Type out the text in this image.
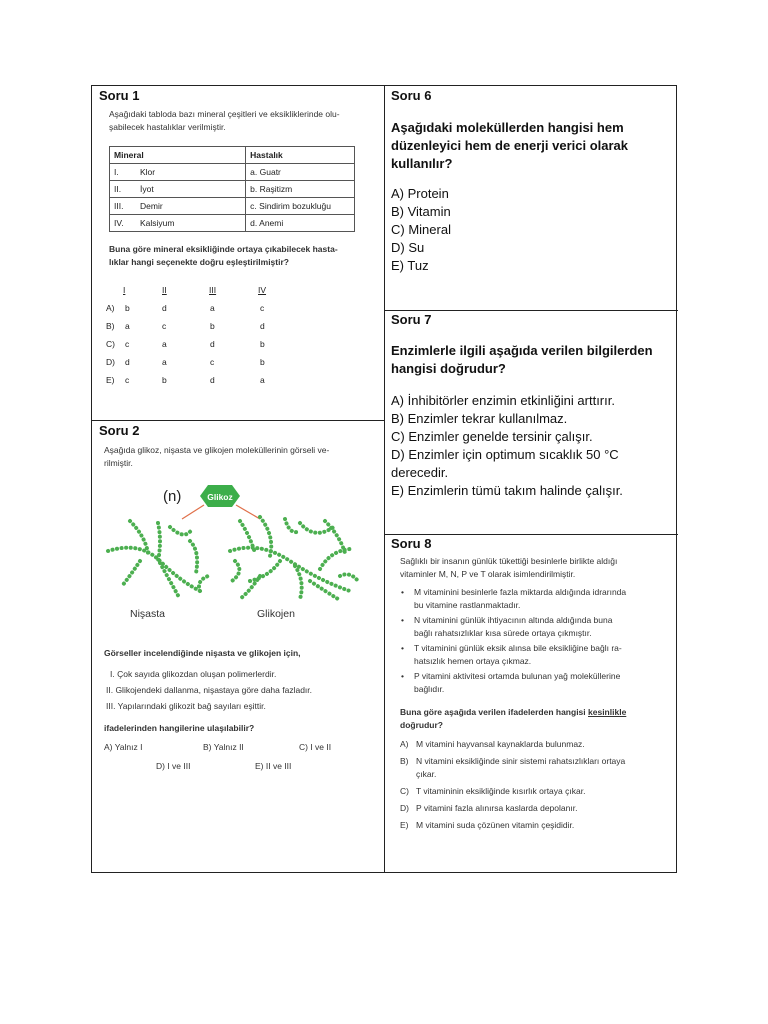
Soru 1
Aşağıdaki tabloda bazı mineral çeşitleri ve eksikliklerinde olu-
şabilecek hastalıklar verilmiştir.
Mineral		Hastalık
I.	Klor	a. Guatr
II.	İyot	b. Raşitizm
III.	Demir	c. Sindirim bozukluğu
IV.	Kalsiyum	d. Anemi
Buna göre mineral eksikliğinde ortaya çıkabilecek hasta-
lıklar hangi seçenekte doğru eşleştirilmiştir?
I	II	III	IV
A) b	d	a	c
B) a	c	b	d
C) c	a	d	b
D) d	a	c	b
E) c	b	d	a
Soru 2
Aşağıda glikoz, nişasta ve glikojen moleküllerinin görseli ve-
rilmiştir.
(n)	Glikoz
Nişasta	Glikojen
Görseller incelendiğinde nişasta ve glikojen için,
I. Çok sayıda glikozdan oluşan polimerlerdir.
II. Glikojendeki dallanma, nişastaya göre daha fazladır.
III. Yapılarındaki glikozit bağ sayıları eşittir.
ifadelerinden hangilerine ulaşılabilir?
A) Yalnız I	B) Yalnız II	C) I ve II
D) I ve III	E) II ve III
Soru 6
Aşağıdaki moleküllerden hangisi hem düzenleyici hem de enerji verici olarak kullanılır?
A) Protein
B) Vitamin
C) Mineral
D) Su
E) Tuz
Soru 7
Enzimlerle ilgili aşağıda verilen bilgilerden hangisi doğrudur?
A) İnhibitörler enzimin etkinliğini arttırır.
B) Enzimler tekrar kullanılmaz.
C) Enzimler genelde tersinir çalışır.
D) Enzimler için optimum sıcaklık 50 °C derecedir.
E) Enzimlerin tümü takım halinde çalışır.
Soru 8
Sağlıklı bir insanın günlük tükettiği besinlerle birlikte aldığı
vitaminler M, N, P ve T olarak isimlendirilmiştir.
• M vitaminini besinlerle fazla miktarda aldığında idrarında
bu vitamine rastlanmaktadır.
• N vitaminini günlük ihtiyacının altında aldığında buna
bağlı rahatsızlıklar kısa sürede ortaya çıkmıştır.
• T vitaminini günlük eksik alınsa bile eksikliğine bağlı ra-
hatsızlık hemen ortaya çıkmaz.
• P vitamini aktivitesi ortamda bulunan yağ moleküllerine
bağlıdır.
Buna göre aşağıda verilen ifadelerden hangisi kesinlikle
doğrudur?
A) M vitamini hayvansal kaynaklarda bulunmaz.
B) N vitamini eksikliğinde sinir sistemi rahatsızlıkları ortaya
çıkar.
C) T vitamininin eksikliğinde kısırlık ortaya çıkar.
D) P vitamini fazla alınırsa kaslarda depolanır.
E) M vitamini suda çözünen vitamin çeşididir.
